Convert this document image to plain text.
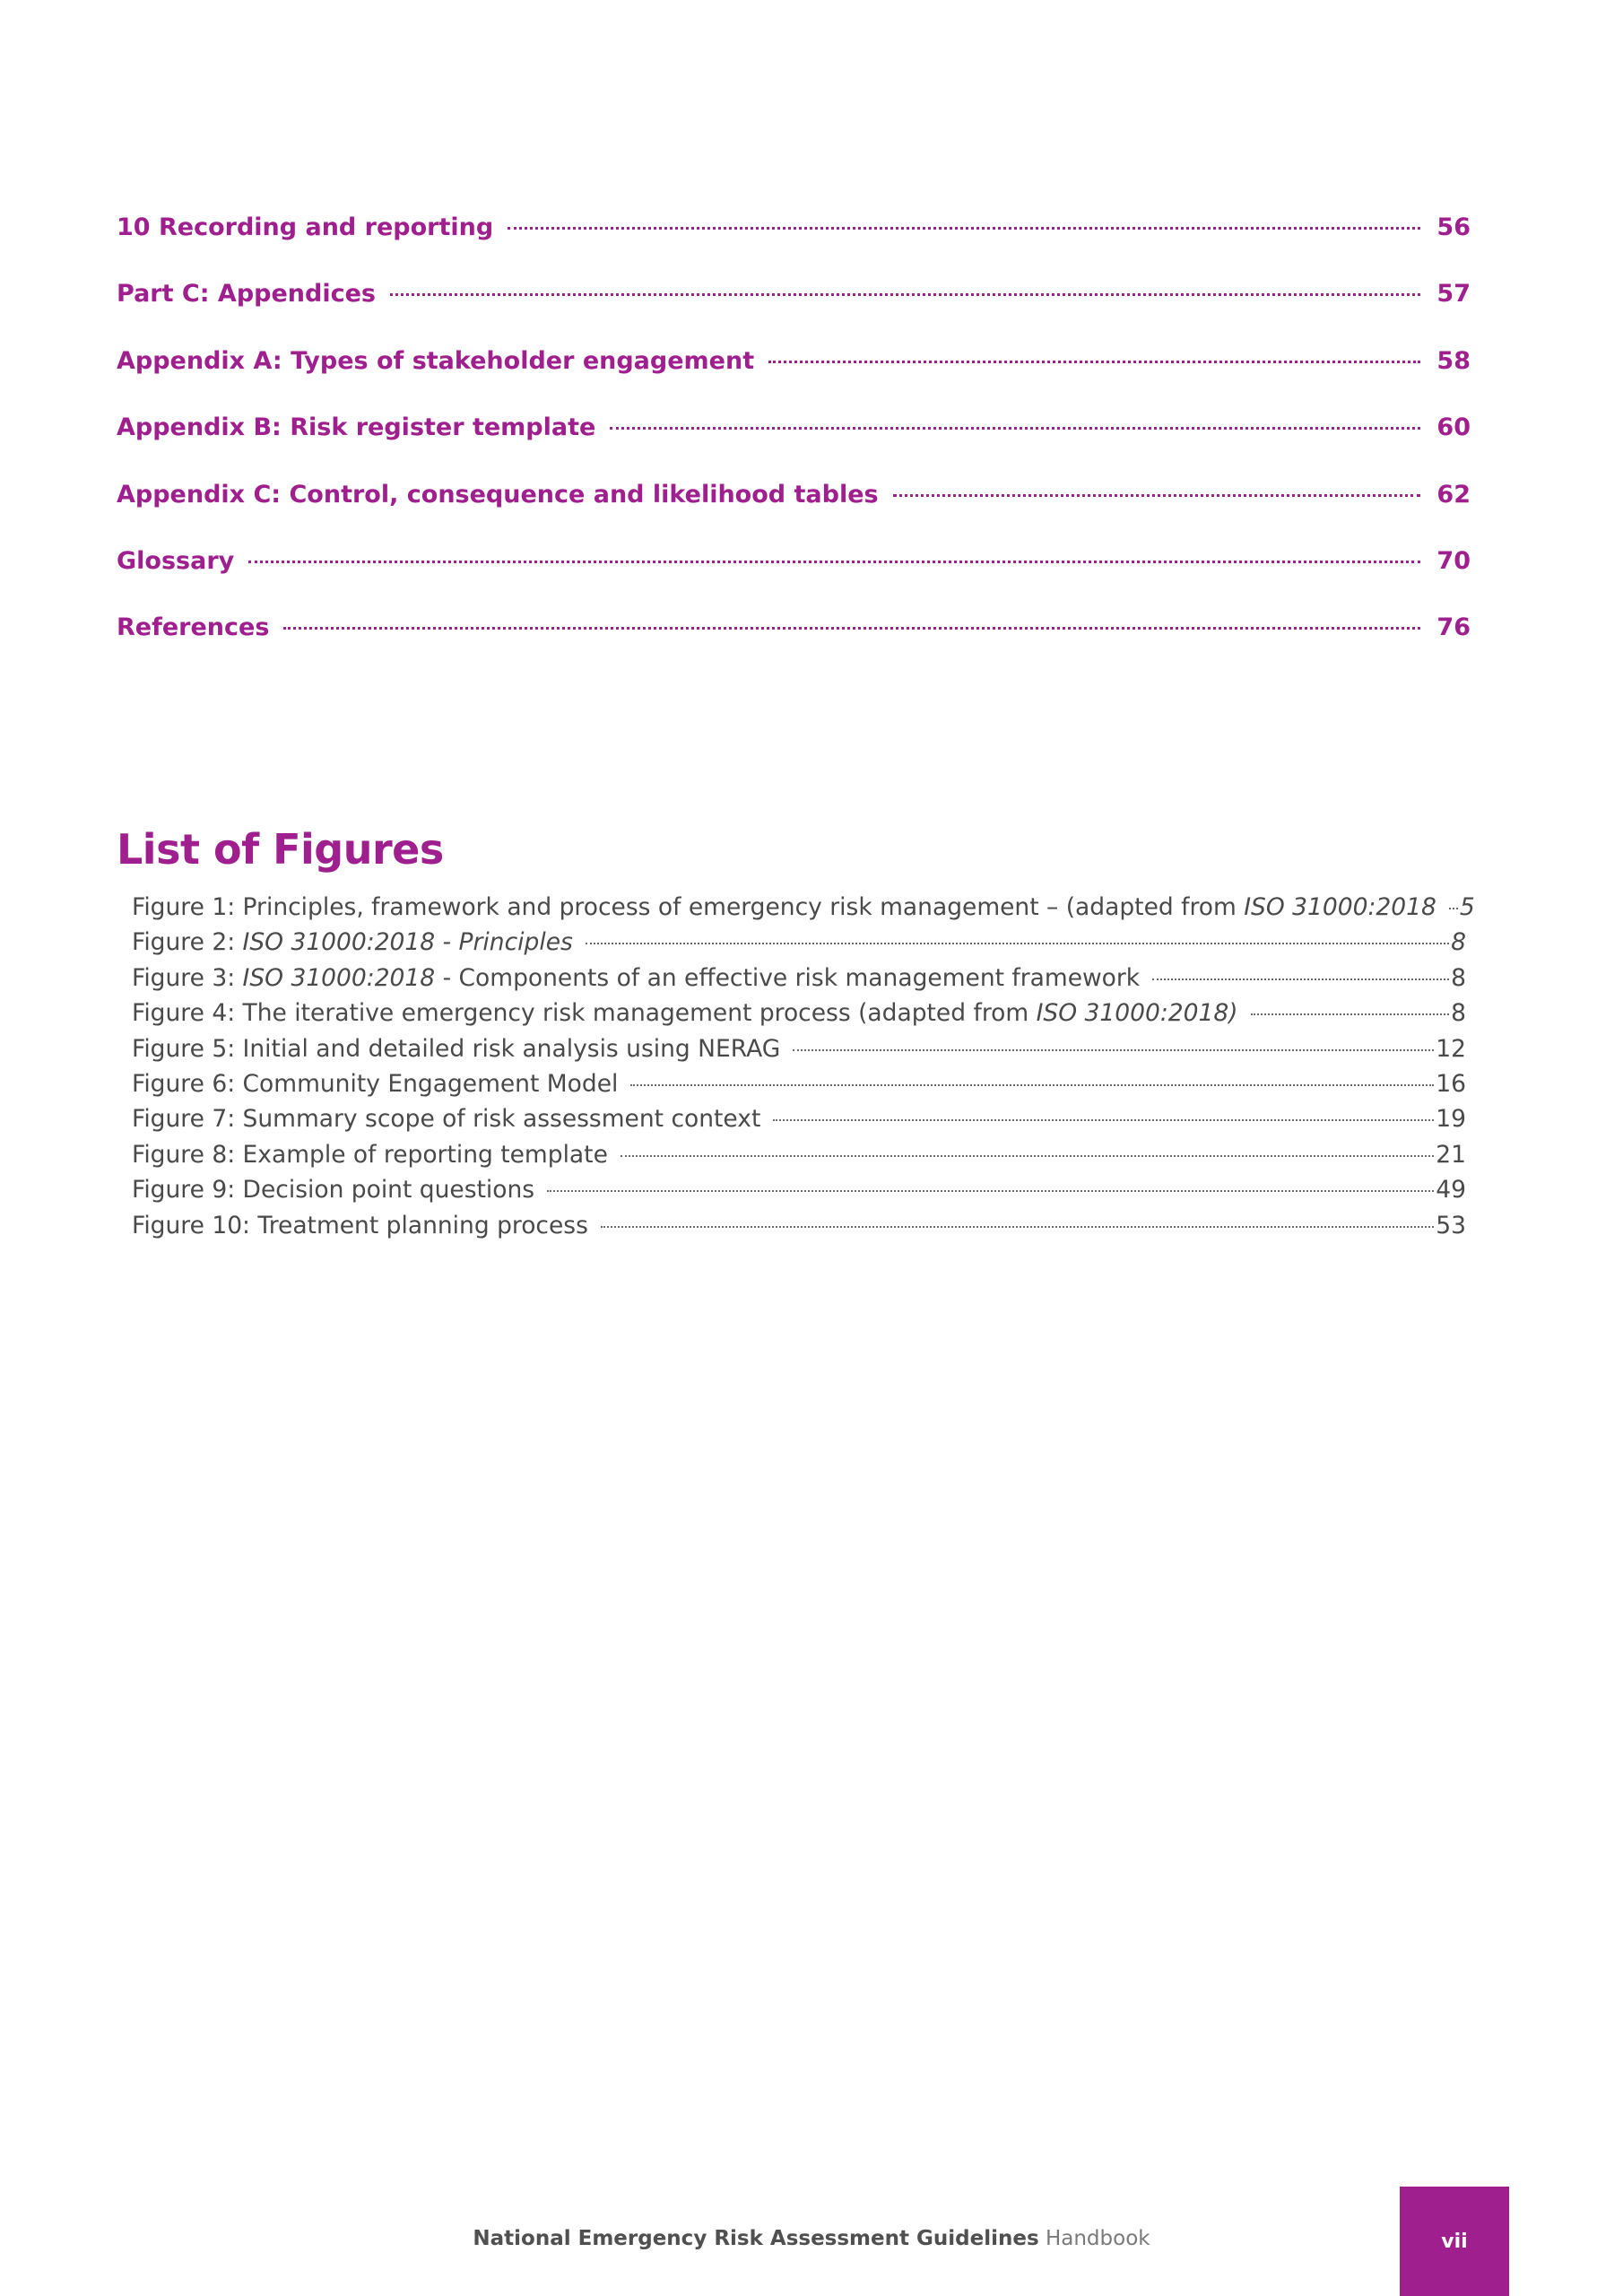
10 Recording and reporting	56
Part C: Appendices	57
Appendix A: Types of stakeholder engagement	58
Appendix B: Risk register template	60
Appendix C: Control, consequence and likelihood tables	62
Glossary	70
References	76
List of Figures
Figure 1: Principles, framework and process of emergency risk management – (adapted from ISO 31000:2018 5
Figure 2: ISO 31000:2018 - Principles	8
Figure 3: ISO 31000:2018 - Components of an effective risk management framework	8
Figure 4: The iterative emergency risk management process (adapted from ISO 31000:2018)	8
Figure 5: Initial and detailed risk analysis using NERAG	12
Figure 6: Community Engagement Model	16
Figure 7: Summary scope of risk assessment context	19
Figure 8: Example of reporting template	21
Figure 9: Decision point questions	49
Figure 10: Treatment planning process	53
National Emergency Risk Assessment Guidelines Handbook	vii
